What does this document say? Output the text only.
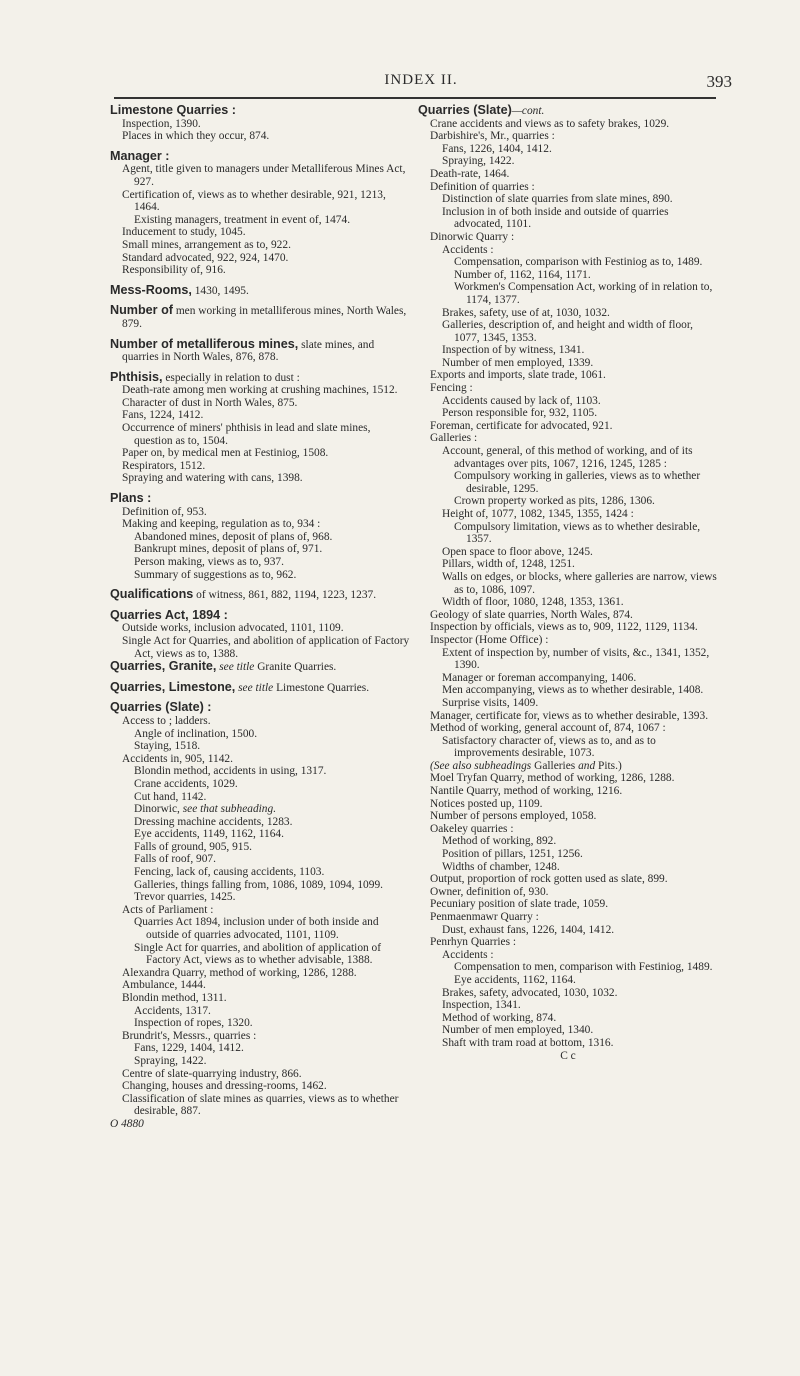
INDEX II.	393

Limestone Quarries :

Inspection, 1390.

Places in which they occur, 874.

Manager :

Agent, title given to managers under Metalliferous Mines Act, 927.

Certification of, views as to whether desirable, 921, 1213, 1464.

Existing managers, treatment in event of, 1474.

Inducement to study, 1045.

Small mines, arrangement as to, 922.

Standard advocated, 922, 924, 1470.

Responsibility of, 916.

Mess-Rooms, 1430, 1495.

Number of men working in metalliferous mines, North Wales, 879.

Number of metalliferous mines, slate mines, and quarries in North Wales, 876, 878.

Phthisis, especially in relation to dust :

Death-rate among men working at crushing machines, 1512.

Character of dust in North Wales, 875.

Fans, 1224, 1412.

Occurrence of miners' phthisis in lead and slate mines, question as to, 1504.

Paper on, by medical men at Festiniog, 1508.

Respirators, 1512.

Spraying and watering with cans, 1398.

Plans :

Definition of, 953.

Making and keeping, regulation as to, 934 :

Abandoned mines, deposit of plans of, 968.

Bankrupt mines, deposit of plans of, 971.

Person making, views as to, 937.

Summary of suggestions as to, 962.

Qualifications of witness, 861, 882, 1194, 1223, 1237.

Quarries Act, 1894 :

Outside works, inclusion advocated, 1101, 1109.

Single Act for Quarries, and abolition of application of Factory Act, views as to, 1388.

Quarries, Granite, see title Granite Quarries.

Quarries, Limestone, see title Limestone Quarries.

Quarries (Slate) :

Access to ; ladders.

Angle of inclination, 1500.

Staying, 1518.

Accidents in, 905, 1142.

Blondin method, accidents in using, 1317.

Crane accidents, 1029.

Cut hand, 1142.

Dinorwic, see that subheading.

Dressing machine accidents, 1283.

Eye accidents, 1149, 1162, 1164.

Falls of ground, 905, 915.

Falls of roof, 907.

Fencing, lack of, causing accidents, 1103.

Galleries, things falling from, 1086, 1089, 1094, 1099.

Trevor quarries, 1425.

Acts of Parliament :

Quarries Act 1894, inclusion under of both inside and outside of quarries advocated, 1101, 1109.

Single Act for quarries, and abolition of application of Factory Act, views as to whether advisable, 1388.

Alexandra Quarry, method of working, 1286, 1288.

Ambulance, 1444.

Blondin method, 1311.

Accidents, 1317.

Inspection of ropes, 1320.

Brundrit's, Messrs., quarries :

Fans, 1229, 1404, 1412.

Spraying, 1422.

Centre of slate-quarrying industry, 866.

Changing, houses and dressing-rooms, 1462.

Classification of slate mines as quarries, views as to whether desirable, 887.

O 4880

Quarries (Slate)—cont.

Crane accidents and views as to safety brakes, 1029.

Darbishire's, Mr., quarries :

Fans, 1226, 1404, 1412.

Spraying, 1422.

Death-rate, 1464.

Definition of quarries :

Distinction of slate quarries from slate mines, 890.

Inclusion in of both inside and outside of quarries advocated, 1101.

Dinorwic Quarry :

Accidents :

Compensation, comparison with Festiniog as to, 1489.

Number of, 1162, 1164, 1171.

Workmen's Compensation Act, working of in relation to, 1174, 1377.

Brakes, safety, use of at, 1030, 1032.

Galleries, description of, and height and width of floor, 1077, 1345, 1353.

Inspection of by witness, 1341.

Number of men employed, 1339.

Exports and imports, slate trade, 1061.

Fencing :

Accidents caused by lack of, 1103.

Person responsible for, 932, 1105.

Foreman, certificate for advocated, 921.

Galleries :

Account, general, of this method of working, and of its advantages over pits, 1067, 1216, 1245, 1285 :

Compulsory working in galleries, views as to whether desirable, 1295.

Crown property worked as pits, 1286, 1306.

Height of, 1077, 1082, 1345, 1355, 1424 :

Compulsory limitation, views as to whether desirable, 1357.

Open space to floor above, 1245.

Pillars, width of, 1248, 1251.

Walls on edges, or blocks, where galleries are narrow, views as to, 1086, 1097.

Width of floor, 1080, 1248, 1353, 1361.

Geology of slate quarries, North Wales, 874.

Inspection by officials, views as to, 909, 1122, 1129, 1134.

Inspector (Home Office) :

Extent of inspection by, number of visits, &c., 1341, 1352, 1390.

Manager or foreman accompanying, 1406.

Men accompanying, views as to whether desirable, 1408.

Surprise visits, 1409.

Manager, certificate for, views as to whether desirable, 1393.

Method of working, general account of, 874, 1067 :

Satisfactory character of, views as to, and as to improvements desirable, 1073.

(See also subheadings Galleries and Pits.)

Moel Tryfan Quarry, method of working, 1286, 1288.

Nantile Quarry, method of working, 1216.

Notices posted up, 1109.

Number of persons employed, 1058.

Oakeley quarries :

Method of working, 892.

Position of pillars, 1251, 1256.

Widths of chamber, 1248.

Output, proportion of rock gotten used as slate, 899.

Owner, definition of, 930.

Pecuniary position of slate trade, 1059.

Penmaenmawr Quarry :

Dust, exhaust fans, 1226, 1404, 1412.

Penrhyn Quarries :

Accidents :

Compensation to men, comparison with Festiniog, 1489.

Eye accidents, 1162, 1164.

Brakes, safety, advocated, 1030, 1032.

Inspection, 1341.

Method of working, 874.

Number of men employed, 1340.

Shaft with tram road at bottom, 1316.

C c
